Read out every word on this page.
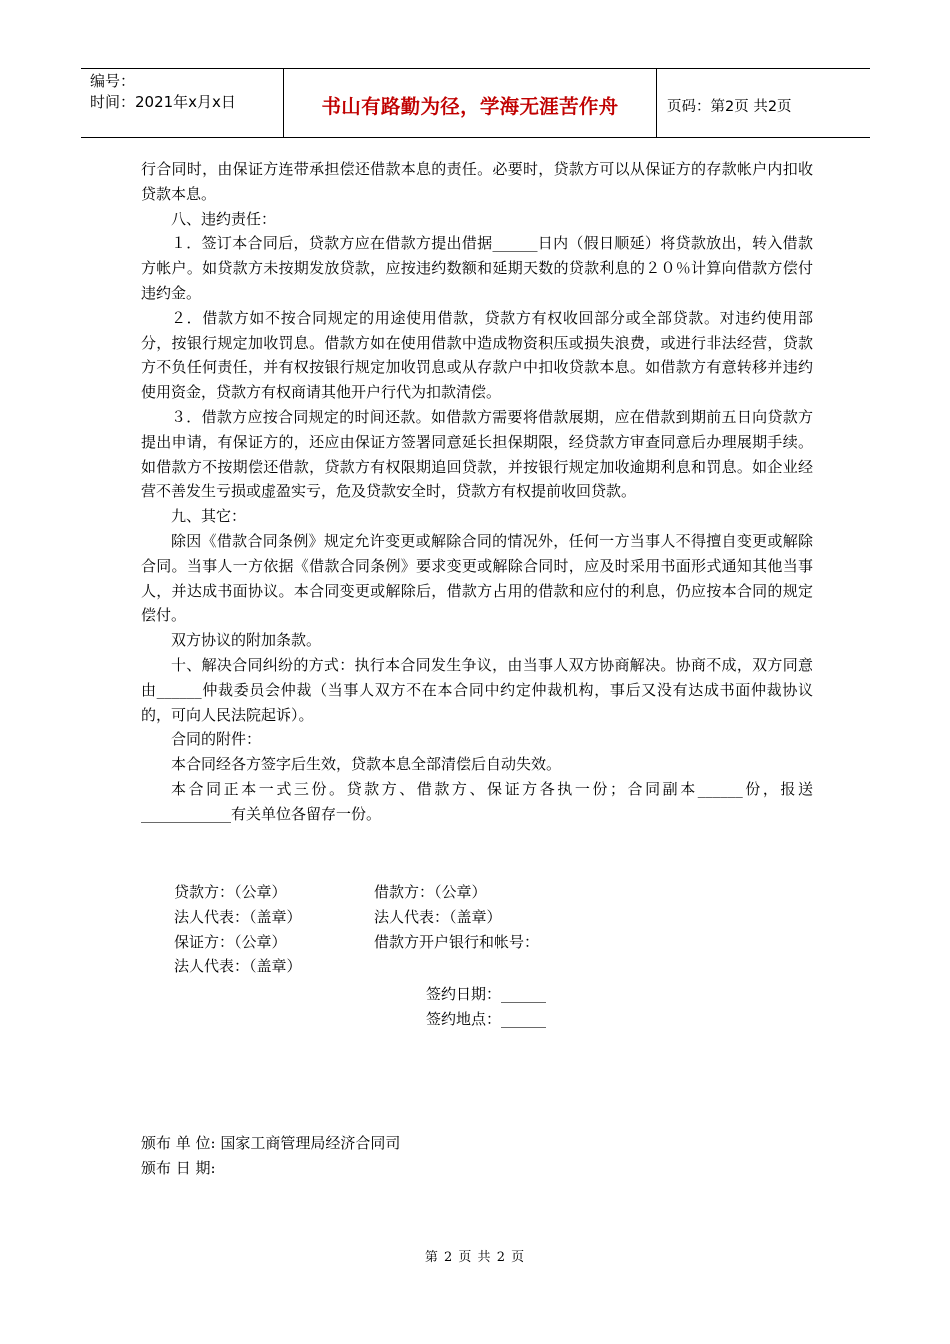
编号：
时间：2021年x月x日	书山有路勤为径，学海无涯苦作舟	页码：第2页 共2页

行合同时，由保证方连带承担偿还借款本息的责任。必要时，贷款方可以从保证方的存款帐户内扣收贷款本息。

八、违约责任：

１．签订本合同后，贷款方应在借款方提出借据______日内（假日顺延）将贷款放出，转入借款方帐户。如贷款方未按期发放贷款，应按违约数额和延期天数的贷款利息的２０％计算向借款方偿付违约金。

２．借款方如不按合同规定的用途使用借款，贷款方有权收回部分或全部贷款。对违约使用部分，按银行规定加收罚息。借款方如在使用借款中造成物资积压或损失浪费，或进行非法经营，贷款方不负任何责任，并有权按银行规定加收罚息或从存款户中扣收贷款本息。如借款方有意转移并违约使用资金，贷款方有权商请其他开户行代为扣款清偿。

３．借款方应按合同规定的时间还款。如借款方需要将借款展期，应在借款到期前五日向贷款方提出申请，有保证方的，还应由保证方签署同意延长担保期限，经贷款方审查同意后办理展期手续。如借款方不按期偿还借款，贷款方有权限期追回贷款，并按银行规定加收逾期利息和罚息。如企业经营不善发生亏损或虚盈实亏，危及贷款安全时，贷款方有权提前收回贷款。

九、其它：

除因《借款合同条例》规定允许变更或解除合同的情况外，任何一方当事人不得擅自变更或解除合同。当事人一方依据《借款合同条例》要求变更或解除合同时，应及时采用书面形式通知其他当事人，并达成书面协议。本合同变更或解除后，借款方占用的借款和应付的利息，仍应按本合同的规定偿付。

双方协议的附加条款。

十、解决合同纠纷的方式：执行本合同发生争议，由当事人双方协商解决。协商不成，双方同意由______仲裁委员会仲裁（当事人双方不在本合同中约定仲裁机构，事后又没有达成书面仲裁协议的，可向人民法院起诉）。

合同的附件：

本合同经各方签字后生效，贷款本息全部清偿后自动失效。

本合同正本一式三份。贷款方、借款方、保证方各执一份；合同副本______份，报送____________有关单位各留存一份。

贷款方：（公章）
法人代表：（盖章）
保证方：（公章）
法人代表：（盖章）
借款方：（公章）
法人代表：（盖章）
借款方开户银行和帐号：
签约日期：______
签约地点：______
颁布 单 位: 国家工商管理局经济合同司
颁布 日 期:
第 2 页 共 2 页
